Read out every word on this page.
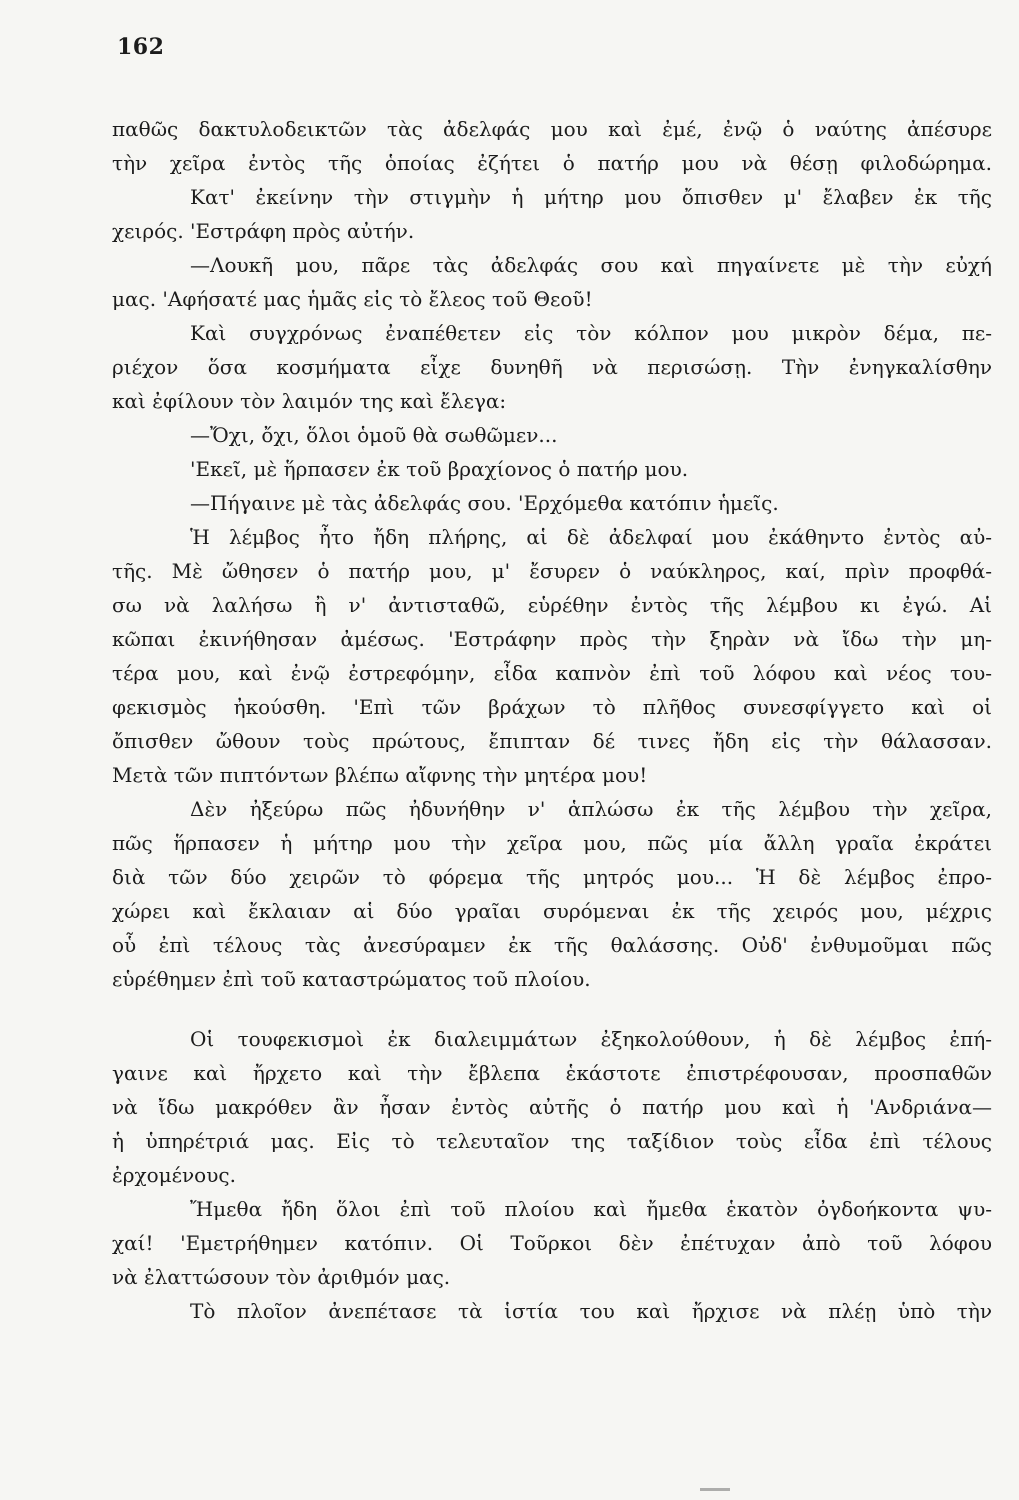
162
παθῶς δακτυλοδεικτῶν τὰς ἀδελφάς μου καὶ ἐμέ, ἐνῷ ὁ ναύτης ἀπέσυρε
τὴν χεῖρα ἐντὸς τῆς ὁποίας ἐζήτει ὁ πατήρ μου νὰ θέσῃ φιλοδώρημα.
Κατ' ἐκείνην τὴν στιγμὴν ἡ μήτηρ μου ὄπισθεν μ' ἔλαβεν ἐκ τῆς
χειρός. 'Εστράφη πρὸς αὐτήν.
—Λουκῆ μου, πᾶρε τὰς ἀδελφάς σου καὶ πηγαίνετε μὲ τὴν εὐχή
μας. 'Αφήσατέ μας ἡμᾶς εἰς τὸ ἔλεος τοῦ Θεοῦ!
Καὶ συγχρόνως ἐναπέθετεν εἰς τὸν κόλπον μου μικρὸν δέμα, πε-
ριέχον ὅσα κοσμήματα εἶχε δυνηθῆ νὰ περισώσῃ. Τὴν ἐνηγκαλίσθην
καὶ ἐφίλουν τὸν λαιμόν της καὶ ἔλεγα:
—Ὄχι, ὄχι, ὅλοι ὁμοῦ θὰ σωθῶμεν...
'Εκεῖ, μὲ ἥρπασεν ἐκ τοῦ βραχίονος ὁ πατήρ μου.
—Πήγαινε μὲ τὰς ἀδελφάς σου. 'Ερχόμεθα κατόπιν ἡμεῖς.
Ἡ λέμβος ἦτο ἤδη πλήρης, αἱ δὲ ἀδελφαί μου ἐκάθηντο ἐντὸς αὐ-
τῆς. Μὲ ὤθησεν ὁ πατήρ μου, μ' ἔσυρεν ὁ ναύκληρος, καί, πρὶν προφθά-
σω νὰ λαλήσω ἢ ν' ἀντισταθῶ, εὑρέθην ἐντὸς τῆς λέμβου κι ἐγώ. Αἱ
κῶπαι ἐκινήθησαν ἀμέσως. 'Εστράφην πρὸς τὴν ξηρὰν νὰ ἴδω τὴν μη-
τέρα μου, καὶ ἐνῷ ἐστρεφόμην, εἶδα καπνὸν ἐπὶ τοῦ λόφου καὶ νέος του-
φεκισμὸς ἠκούσθη. 'Επὶ τῶν βράχων τὸ πλῆθος συνεσφίγγετο καὶ οἱ
ὄπισθεν ὤθουν τοὺς πρώτους, ἔπιπταν δέ τινες ἤδη εἰς τὴν θάλασσαν.
Μετὰ τῶν πιπτόντων βλέπω αἴφνης τὴν μητέρα μου!
Δὲν ἠξεύρω πῶς ἠδυνήθην ν' ἁπλώσω ἐκ τῆς λέμβου τὴν χεῖρα,
πῶς ἥρπασεν ἡ μήτηρ μου τὴν χεῖρα μου, πῶς μία ἄλλη γραῖα ἐκράτει
διὰ τῶν δύο χειρῶν τὸ φόρεμα τῆς μητρός μου... Ἡ δὲ λέμβος ἐπρο-
χώρει καὶ ἔκλαιαν αἱ δύο γραῖαι συρόμεναι ἐκ τῆς χειρός μου, μέχρις
οὗ ἐπὶ τέλους τὰς ἀνεσύραμεν ἐκ τῆς θαλάσσης. Οὐδ' ἐνθυμοῦμαι πῶς
εὑρέθημεν ἐπὶ τοῦ καταστρώματος τοῦ πλοίου.
Οἱ τουφεκισμοὶ ἐκ διαλειμμάτων ἐξηκολούθουν, ἡ δὲ λέμβος ἐπή-
γαινε καὶ ἤρχετο καὶ τὴν ἔβλεπα ἑκάστοτε ἐπιστρέφουσαν, προσπαθῶν
νὰ ἴδω μακρόθεν ἂν ἦσαν ἐντὸς αὐτῆς ὁ πατήρ μου καὶ ἡ 'Ανδριάνα—
ἡ ὑπηρέτριά μας. Εἰς τὸ τελευταῖον της ταξίδιον τοὺς εἶδα ἐπὶ τέλους
ἐρχομένους.
Ἤμεθα ἤδη ὅλοι ἐπὶ τοῦ πλοίου καὶ ἤμεθα ἑκατὸν ὀγδοήκοντα ψυ-
χαί! 'Εμετρήθημεν κατόπιν. Οἱ Τοῦρκοι δὲν ἐπέτυχαν ἀπὸ τοῦ λόφου
νὰ ἐλαττώσουν τὸν ἀριθμόν μας.
Τὸ πλοῖον ἀνεπέτασε τὰ ἱστία του καὶ ἤρχισε νὰ πλέῃ ὑπὸ τὴν
